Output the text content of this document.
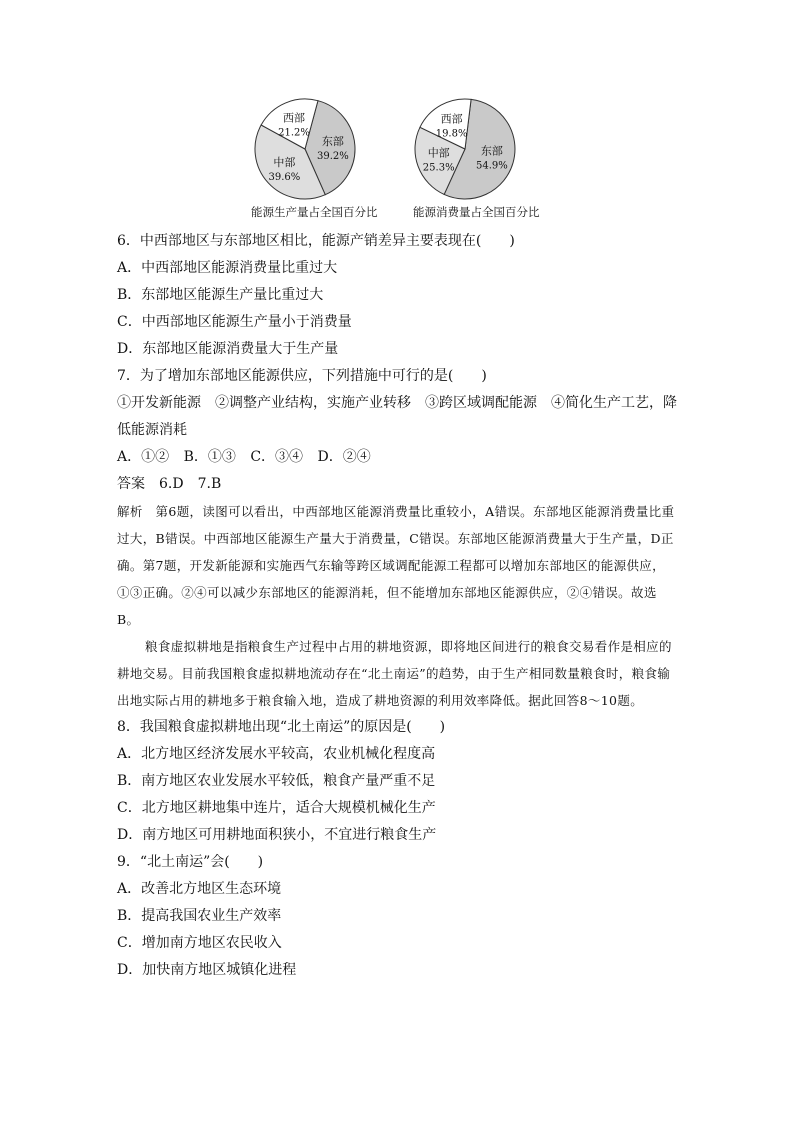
东部
39.2%
中部
39.6%
西部
21.2%
能源生产量占全国百分比
东部
54.9%
中部
25.3%
西部
19.8%
能源消费量占全国百分比
6．中西部地区与东部地区相比，能源产销差异主要表现在(　　)
A．中西部地区能源消费量比重过大
B．东部地区能源生产量比重过大
C．中西部地区能源生产量小于消费量
D．东部地区能源消费量大于生产量
7．为了增加东部地区能源供应，下列措施中可行的是(　　)
①开发新能源　②调整产业结构，实施产业转移　③跨区域调配能源　④简化生产工艺，降低能源消耗
A．①② B．①③ C．③④ D．②④
答案　6.D　7.B
解析　第6题，读图可以看出，中西部地区能源消费量比重较小，A错误。东部地区能源消费量比重过大，B错误。中西部地区能源生产量大于消费量，C错误。东部地区能源消费量大于生产量，D正确。第7题，开发新能源和实施西气东输等跨区域调配能源工程都可以增加东部地区的能源供应，①③正确。②④可以减少东部地区的能源消耗，但不能增加东部地区能源供应，②④错误。故选B。
粮食虚拟耕地是指粮食生产过程中占用的耕地资源，即将地区间进行的粮食交易看作是相应的耕地交易。目前我国粮食虚拟耕地流动存在“北土南运”的趋势，由于生产相同数量粮食时，粮食输出地实际占用的耕地多于粮食输入地，造成了耕地资源的利用效率降低。据此回答8～10题。
8．我国粮食虚拟耕地出现“北土南运”的原因是(　　)
A．北方地区经济发展水平较高，农业机械化程度高
B．南方地区农业发展水平较低，粮食产量严重不足
C．北方地区耕地集中连片，适合大规模机械化生产
D．南方地区可用耕地面积狭小，不宜进行粮食生产
9．“北土南运”会(　　)
A．改善北方地区生态环境
B．提高我国农业生产效率
C．增加南方地区农民收入
D．加快南方地区城镇化进程
